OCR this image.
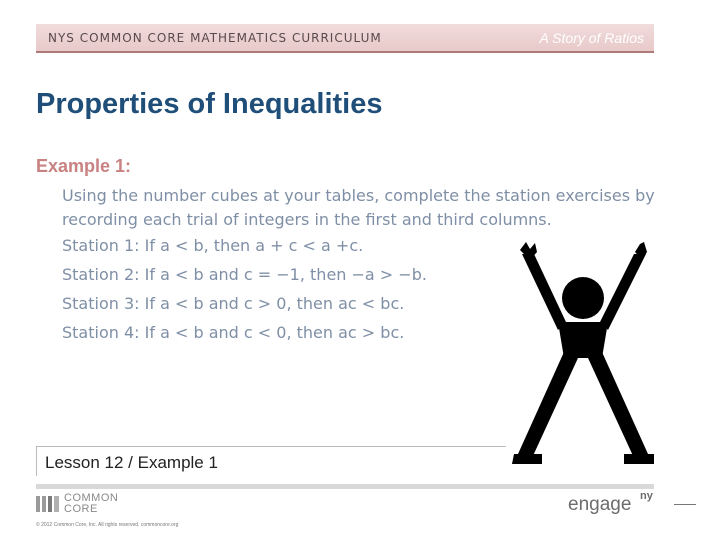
NYS COMMON CORE MATHEMATICS CURRICULUM	A Story of Ratios
Properties of Inequalities
Example 1:
Using the number cubes at your tables, complete the station exercises by recording each trial of integers in the first and third columns.
Station 1: If a < b, then a + c < a +c.
Station 2: If a < b and c = −1, then −a > −b.
Station 3: If a < b and c > 0, then ac < bc.
Station 4: If a < b and c < 0, then ac > bc.
Lesson 12 / Example 1
COMMON
CORE
© 2012 Common Core, Inc. All rights reserved. commoncore.org
engage ny
